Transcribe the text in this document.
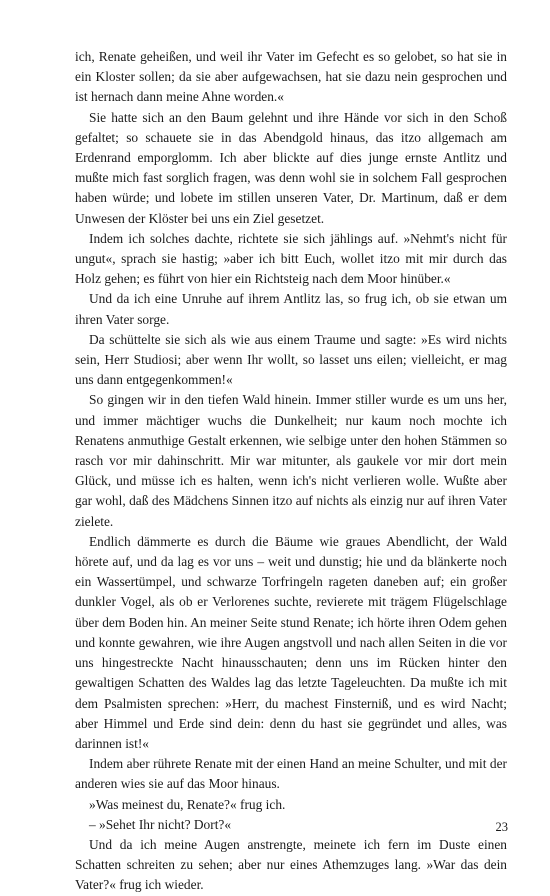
ich, Renate geheißen, und weil ihr Vater im Gefecht es so gelobet, so hat sie in ein Kloster sollen; da sie aber aufgewachsen, hat sie dazu nein gesprochen und ist hernach dann meine Ahne worden.«

Sie hatte sich an den Baum gelehnt und ihre Hände vor sich in den Schoß gefaltet; so schauete sie in das Abendgold hinaus, das itzo allgemach am Erdenrand emporglomm. Ich aber blickte auf dies junge ernste Antlitz und mußte mich fast sorglich fragen, was denn wohl sie in solchem Fall gesprochen haben würde; und lobete im stillen unseren Vater, Dr. Martinum, daß er dem Unwesen der Klöster bei uns ein Ziel gesetzet.

Indem ich solches dachte, richtete sie sich jählings auf. »Nehmt's nicht für ungut«, sprach sie hastig; »aber ich bitt Euch, wollet itzo mit mir durch das Holz gehen; es führt von hier ein Richtsteig nach dem Moor hinüber.«

Und da ich eine Unruhe auf ihrem Antlitz las, so frug ich, ob sie etwan um ihren Vater sorge.

Da schüttelte sie sich als wie aus einem Traume und sagte: »Es wird nichts sein, Herr Studiosi; aber wenn Ihr wollt, so lasset uns eilen; vielleicht, er mag uns dann entgegenkommen!«

So gingen wir in den tiefen Wald hinein. Immer stiller wurde es um uns her, und immer mächtiger wuchs die Dunkelheit; nur kaum noch mochte ich Renatens anmuthige Gestalt erkennen, wie selbige unter den hohen Stämmen so rasch vor mir dahinschritt. Mir war mitunter, als gaukele vor mir dort mein Glück, und müsse ich es halten, wenn ich's nicht verlieren wolle. Wußte aber gar wohl, daß des Mädchens Sinnen itzo auf nichts als einzig nur auf ihren Vater zielete.

Endlich dämmerte es durch die Bäume wie graues Abendlicht, der Wald hörete auf, und da lag es vor uns – weit und dunstig; hie und da blänkerte noch ein Wassertümpel, und schwarze Torfringeln rageten daneben auf; ein großer dunkler Vogel, als ob er Verlorenes suchte, revierete mit trägem Flügelschlage über dem Boden hin. An meiner Seite stund Renate; ich hörte ihren Odem gehen und konnte gewahren, wie ihre Augen angstvoll und nach allen Seiten in die vor uns hingestreckte Nacht hinausschauten; denn uns im Rücken hinter den gewaltigen Schatten des Waldes lag das letzte Tageleuchten. Da mußte ich mit dem Psalmisten sprechen: »Herr, du machest Finsterniß, und es wird Nacht; aber Himmel und Erde sind dein: denn du hast sie gegründet und alles, was darinnen ist!«

Indem aber rührete Renate mit der einen Hand an meine Schulter, und mit der anderen wies sie auf das Moor hinaus.

»Was meinest du, Renate?« frug ich.

– »Sehet Ihr nicht? Dort?«

Und da ich meine Augen anstrengte, meinete ich fern im Duste einen Schatten schreiten zu sehen; aber nur eines Athemzuges lang. »War das dein Vater?« frug ich wieder.

23
